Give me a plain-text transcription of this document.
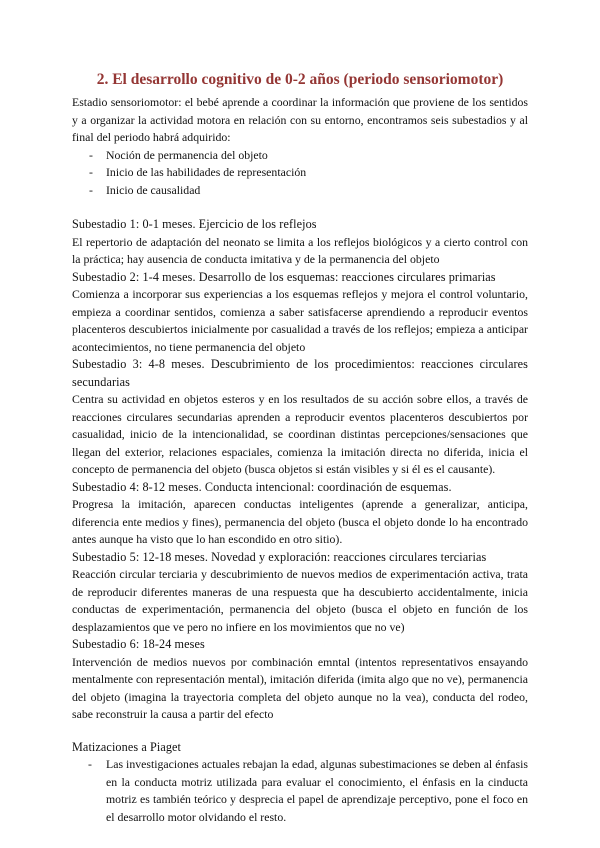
2. El desarrollo cognitivo de 0-2 años (periodo sensoriomotor)

Estadio sensoriomotor: el bebé aprende a coordinar la información que proviene de los sentidos y a organizar la actividad motora en relación con su entorno, encontramos seis subestadios y al final del periodo habrá adquirido:

- Noción de permanencia del objeto
- Inicio de las habilidades de representación
- Inicio de causalidad

Subestadio 1: 0-1 meses. Ejercicio de los reflejos

El repertorio de adaptación del neonato se limita a los reflejos biológicos y a cierto control con la práctica; hay ausencia de conducta imitativa y de la permanencia del objeto

Subestadio 2: 1-4 meses. Desarrollo de los esquemas: reacciones circulares primarias

Comienza a incorporar sus experiencias a los esquemas reflejos y mejora el control voluntario, empieza a coordinar sentidos, comienza a saber satisfacerse aprendiendo a reproducir eventos placenteros descubiertos inicialmente por casualidad a través de los reflejos; empieza a anticipar acontecimientos, no tiene permanencia del objeto

Subestadio 3: 4-8 meses. Descubrimiento de los procedimientos: reacciones circulares secundarias

Centra su actividad en objetos esteros y en los resultados de su acción sobre ellos, a través de reacciones circulares secundarias aprenden a reproducir eventos placenteros descubiertos por casualidad, inicio de la intencionalidad, se coordinan distintas percepciones/sensaciones que llegan del exterior, relaciones espaciales, comienza la imitación directa no diferida, inicia el concepto de permanencia del objeto (busca objetos si están visibles y si él es el causante).

Subestadio 4: 8-12 meses. Conducta intencional: coordinación de esquemas.

Progresa la imitación, aparecen conductas inteligentes (aprende a generalizar, anticipa, diferencia ente medios y fines), permanencia del objeto (busca el objeto donde lo ha encontrado antes aunque ha visto que lo han escondido en otro sitio).

Subestadio 5: 12-18 meses. Novedad y exploración: reacciones circulares terciarias

Reacción circular terciaria y descubrimiento de nuevos medios de experimentación activa, trata de reproducir diferentes maneras de una respuesta que ha descubierto accidentalmente, inicia conductas de experimentación, permanencia del objeto (busca el objeto en función de los desplazamientos que ve pero no infiere en los movimientos que no ve)

Subestadio 6: 18-24 meses

Intervención de medios nuevos por combinación emntal (intentos representativos ensayando mentalmente con representación mental), imitación diferida (imita algo que no ve), permanencia del objeto (imagina la trayectoria completa del objeto aunque no la vea), conducta del rodeo, sabe reconstruir la causa a partir del efecto

Matizaciones a Piaget

- Las investigaciones actuales rebajan la edad, algunas subestimaciones se deben al énfasis en la conducta motriz utilizada para evaluar el conocimiento, el énfasis en la cinducta motriz es también teórico y desprecia el papel de aprendizaje perceptivo, pone el foco en el desarrollo motor olvidando el resto.
